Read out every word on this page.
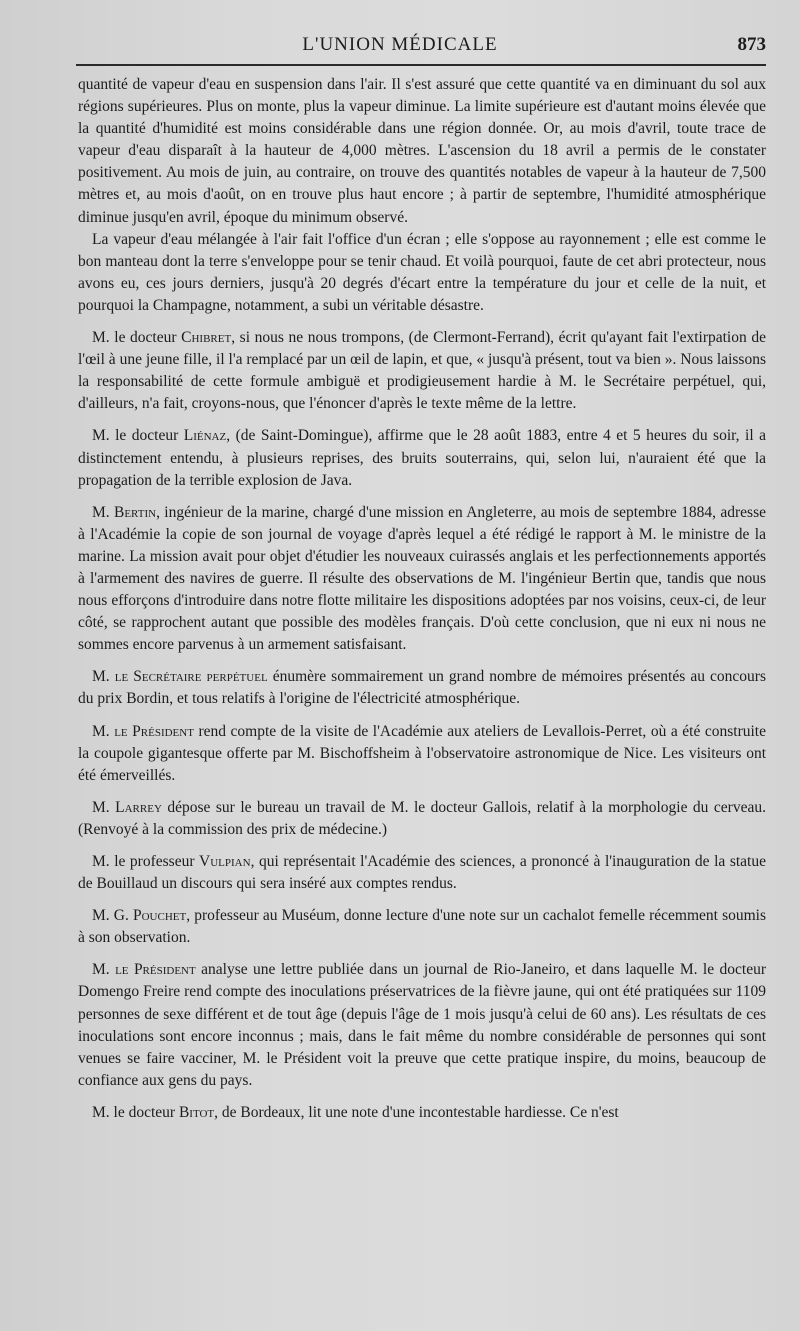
L'UNION MÉDICALE	873

quantité de vapeur d'eau en suspension dans l'air. Il s'est assuré que cette quantité va en diminuant du sol aux régions supérieures. Plus on monte, plus la vapeur diminue. La limite supérieure est d'autant moins élevée que la quantité d'humidité est moins considérable dans une région donnée. Or, au mois d'avril, toute trace de vapeur d'eau disparaît à la hauteur de 4,000 mètres. L'ascension du 18 avril a permis de le constater positivement. Au mois de juin, au contraire, on trouve des quantités notables de vapeur à la hauteur de 7,500 mètres et, au mois d'août, on en trouve plus haut encore ; à partir de septembre, l'humidité atmosphérique diminue jusqu'en avril, époque du minimum observé.

La vapeur d'eau mélangée à l'air fait l'office d'un écran ; elle s'oppose au rayonnement ; elle est comme le bon manteau dont la terre s'enveloppe pour se tenir chaud. Et voilà pourquoi, faute de cet abri protecteur, nous avons eu, ces jours derniers, jusqu'à 20 degrés d'écart entre la température du jour et celle de la nuit, et pourquoi la Champagne, notamment, a subi un véritable désastre.

M. le docteur Chibret, si nous ne nous trompons, (de Clermont-Ferrand), écrit qu'ayant fait l'extirpation de l'œil à une jeune fille, il l'a remplacé par un œil de lapin, et que, « jusqu'à présent, tout va bien ». Nous laissons la responsabilité de cette formule ambiguë et prodigieusement hardie à M. le Secrétaire perpétuel, qui, d'ailleurs, n'a fait, croyons-nous, que l'énoncer d'après le texte même de la lettre.

M. le docteur Liénaz, (de Saint-Domingue), affirme que le 28 août 1883, entre 4 et 5 heures du soir, il a distinctement entendu, à plusieurs reprises, des bruits souterrains, qui, selon lui, n'auraient été que la propagation de la terrible explosion de Java.

M. Bertin, ingénieur de la marine, chargé d'une mission en Angleterre, au mois de septembre 1884, adresse à l'Académie la copie de son journal de voyage d'après lequel a été rédigé le rapport à M. le ministre de la marine. La mission avait pour objet d'étudier les nouveaux cuirassés anglais et les perfectionnements apportés à l'armement des navires de guerre. Il résulte des observations de M. l'ingénieur Bertin que, tandis que nous nous efforçons d'introduire dans notre flotte militaire les dispositions adoptées par nos voisins, ceux-ci, de leur côté, se rapprochent autant que possible des modèles français. D'où cette conclusion, que ni eux ni nous ne sommes encore parvenus à un armement satisfaisant.

M. le Secrétaire perpétuel énumère sommairement un grand nombre de mémoires présentés au concours du prix Bordin, et tous relatifs à l'origine de l'électricité atmosphérique.

M. le Président rend compte de la visite de l'Académie aux ateliers de Levallois-Perret, où a été construite la coupole gigantesque offerte par M. Bischoffsheim à l'observatoire astronomique de Nice. Les visiteurs ont été émerveillés.

M. Larrey dépose sur le bureau un travail de M. le docteur Gallois, relatif à la morphologie du cerveau. (Renvoyé à la commission des prix de médecine.)

M. le professeur Vulpian, qui représentait l'Académie des sciences, a prononcé à l'inauguration de la statue de Bouillaud un discours qui sera inséré aux comptes rendus.

M. G. Pouchet, professeur au Muséum, donne lecture d'une note sur un cachalot femelle récemment soumis à son observation.

M. le Président analyse une lettre publiée dans un journal de Rio-Janeiro, et dans laquelle M. le docteur Domengo Freire rend compte des inoculations préservatrices de la fièvre jaune, qui ont été pratiquées sur 1109 personnes de sexe différent et de tout âge (depuis l'âge de 1 mois jusqu'à celui de 60 ans). Les résultats de ces inoculations sont encore inconnus ; mais, dans le fait même du nombre considérable de personnes qui sont venues se faire vacciner, M. le Président voit la preuve que cette pratique inspire, du moins, beaucoup de confiance aux gens du pays.

M. le docteur Bitot, de Bordeaux, lit une note d'une incontestable hardiesse. Ce n'est
